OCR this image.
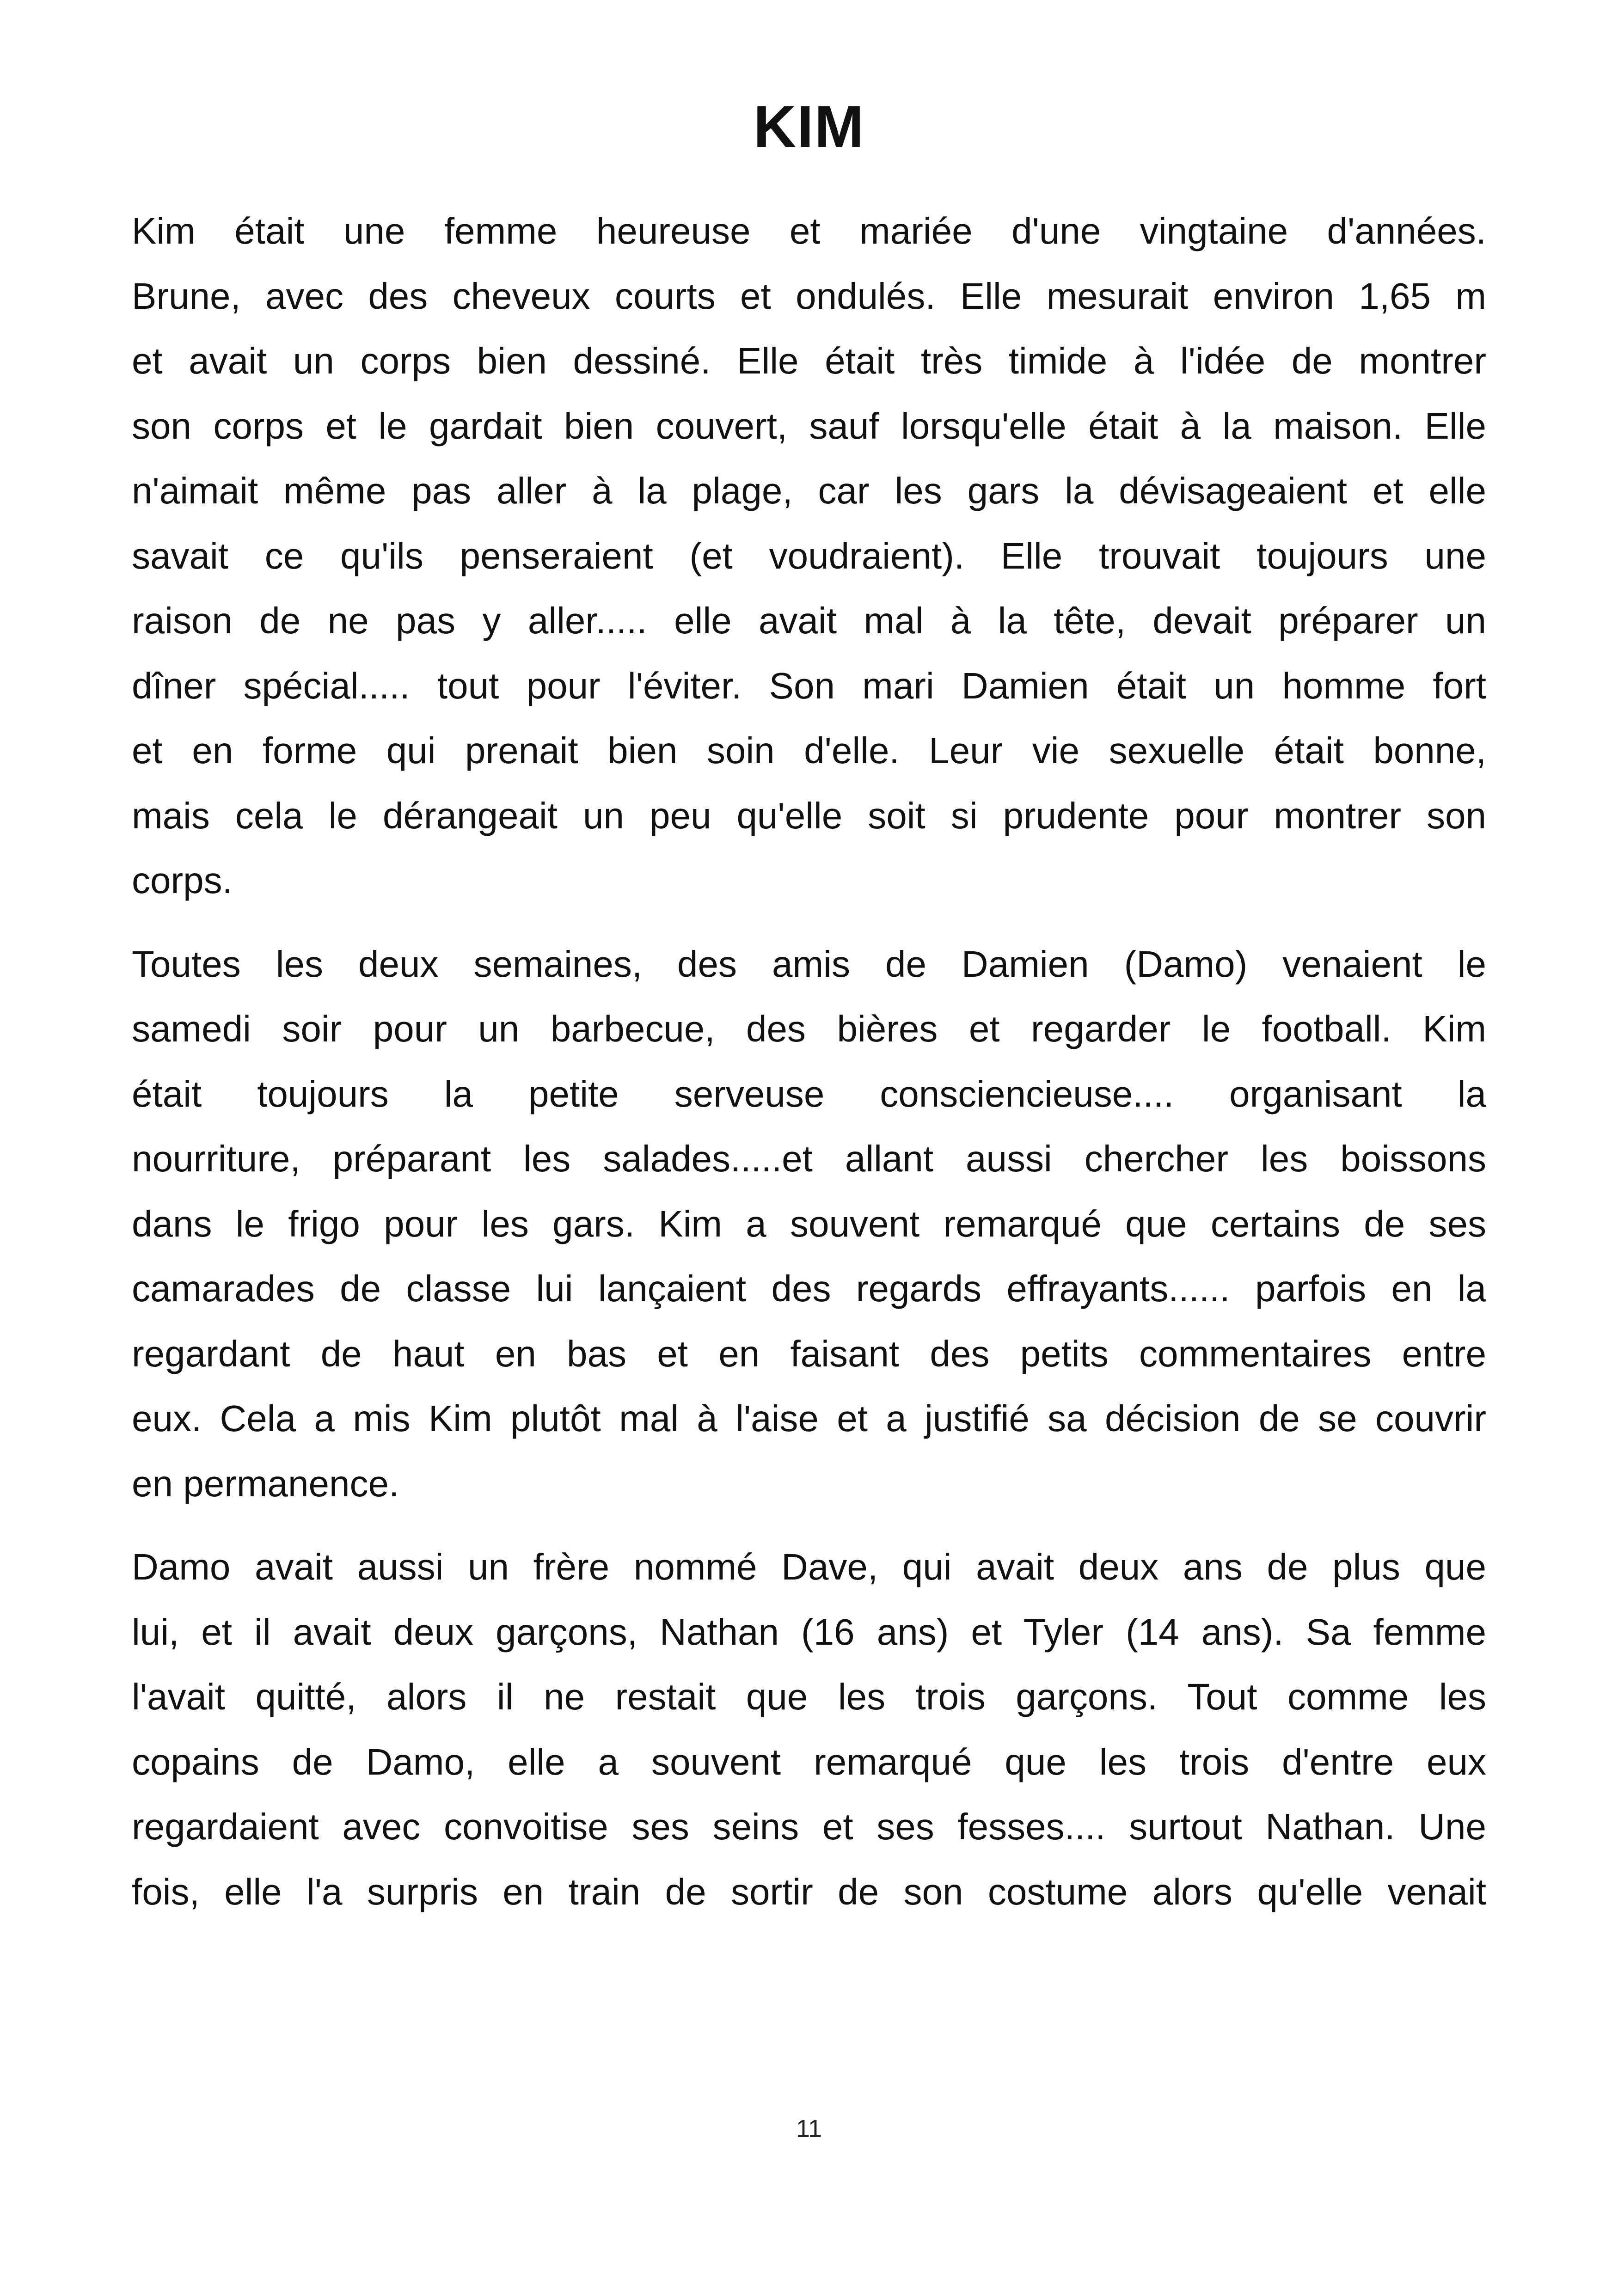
KIM

Kim était une femme heureuse et mariée d'une vingtaine d'années.
Brune, avec des cheveux courts et ondulés. Elle mesurait environ 1,65 m
et avait un corps bien dessiné. Elle était très timide à l'idée de montrer
son corps et le gardait bien couvert, sauf lorsqu'elle était à la maison. Elle
n'aimait même pas aller à la plage, car les gars la dévisageaient et elle
savait ce qu'ils penseraient (et voudraient). Elle trouvait toujours une
raison de ne pas y aller..... elle avait mal à la tête, devait préparer un
dîner spécial..... tout pour l'éviter. Son mari Damien était un homme fort
et en forme qui prenait bien soin d'elle. Leur vie sexuelle était bonne,
mais cela le dérangeait un peu qu'elle soit si prudente pour montrer son
corps.

Toutes les deux semaines, des amis de Damien (Damo) venaient le
samedi soir pour un barbecue, des bières et regarder le football. Kim
était toujours la petite serveuse consciencieuse.... organisant la
nourriture, préparant les salades.....et allant aussi chercher les boissons
dans le frigo pour les gars. Kim a souvent remarqué que certains de ses
camarades de classe lui lançaient des regards effrayants...... parfois en la
regardant de haut en bas et en faisant des petits commentaires entre
eux. Cela a mis Kim plutôt mal à l'aise et a justifié sa décision de se couvrir
en permanence.

Damo avait aussi un frère nommé Dave, qui avait deux ans de plus que
lui, et il avait deux garçons, Nathan (16 ans) et Tyler (14 ans). Sa femme
l'avait quitté, alors il ne restait que les trois garçons. Tout comme les
copains de Damo, elle a souvent remarqué que les trois d'entre eux
regardaient avec convoitise ses seins et ses fesses.... surtout Nathan. Une
fois, elle l'a surpris en train de sortir de son costume alors qu'elle venait

11
